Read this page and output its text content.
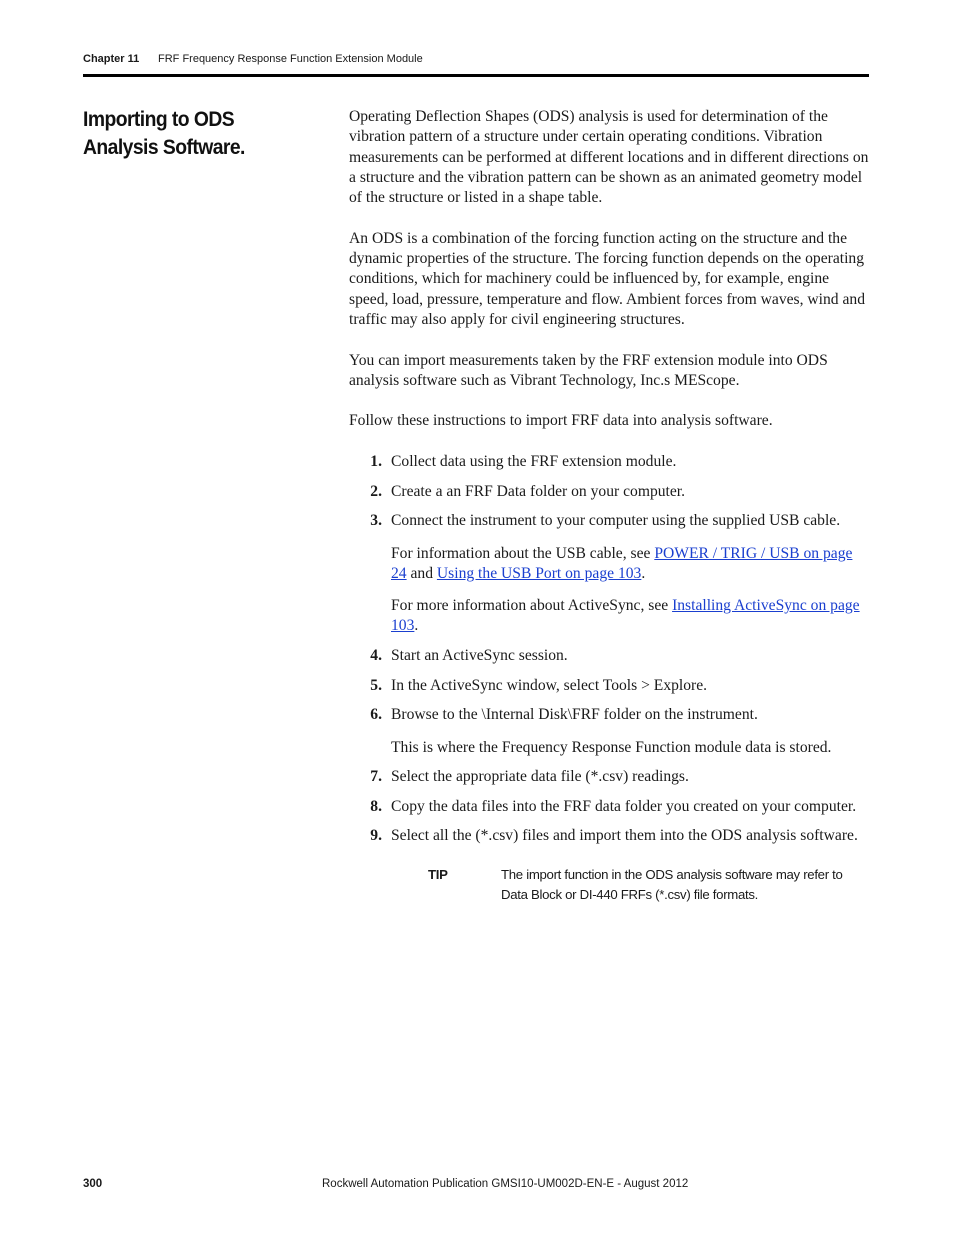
Chapter 11 FRF Frequency Response Function Extension Module
Importing to ODS Analysis Software.

Operating Deflection Shapes (ODS) analysis is used for determination of the vibration pattern of a structure under certain operating conditions. Vibration measurements can be performed at different locations and in different directions on a structure and the vibration pattern can be shown as an animated geometry model of the structure or listed in a shape table.

An ODS is a combination of the forcing function acting on the structure and the dynamic properties of the structure. The forcing function depends on the operating conditions, which for machinery could be influenced by, for example, engine speed, load, pressure, temperature and flow. Ambient forces from waves, wind and traffic may also apply for civil engineering structures.

You can import measurements taken by the FRF extension module into ODS analysis software such as Vibrant Technology, Inc.s MEScope.

Follow these instructions to import FRF data into analysis software.

1. Collect data using the FRF extension module.
2. Create a an FRF Data folder on your computer.
3. Connect the instrument to your computer using the supplied USB cable.
For information about the USB cable, see POWER / TRIG / USB on page 24 and Using the USB Port on page 103.
For more information about ActiveSync, see Installing ActiveSync on page 103.
4. Start an ActiveSync session.
5. In the ActiveSync window, select Tools > Explore.
6. Browse to the \Internal Disk\FRF folder on the instrument.
This is where the Frequency Response Function module data is stored.
7. Select the appropriate data file (*.csv) readings.
8. Copy the data files into the FRF data folder you created on your computer.
9. Select all the (*.csv) files and import them into the ODS analysis software.
TIP	The import function in the ODS analysis software may refer to Data Block or DI-440 FRFs (*.csv) file formats.
300	Rockwell Automation Publication GMSI10-UM002D-EN-E - August 2012
